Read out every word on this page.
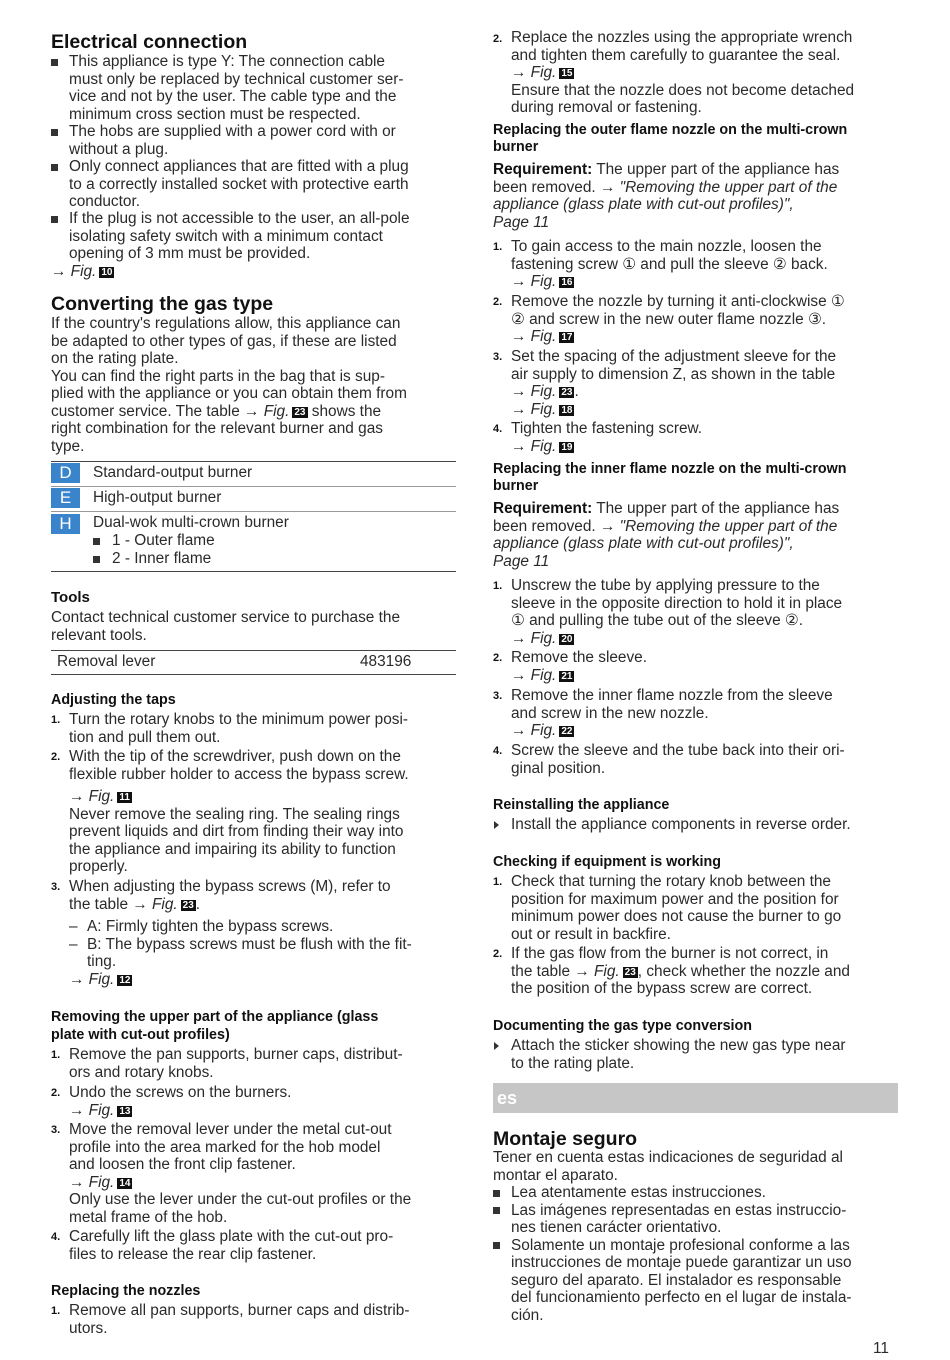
Electrical connection
This appliance is type Y: The connection cable
must only be replaced by technical customer ser-
vice and not by the user. The cable type and the
minimum cross section must be respected.
The hobs are supplied with a power cord with or
without a plug.
Only connect appliances that are fitted with a plug
to a correctly installed socket with protective earth
conductor.
If the plug is not accessible to the user, an all-pole
isolating safety switch with a minimum contact
opening of 3 mm must be provided.
→ Fig. 10
Converting the gas type
If the country's regulations allow, this appliance can
be adapted to other types of gas, if these are listed
on the rating plate.
You can find the right parts in the bag that is sup-
plied with the appliance or you can obtain them from
customer service. The table → Fig. 23 shows the
right combination for the relevant burner and gas
type.
D	Standard-output burner
E	High-output burner
H	Dual-wok multi-crown burner
1 - Outer flame
2 - Inner flame
Tools
Contact technical customer service to purchase the
relevant tools.
Removal lever	483196
Adjusting the taps
1. Turn the rotary knobs to the minimum power posi-
tion and pull them out.
2. With the tip of the screwdriver, push down on the
flexible rubber holder to access the bypass screw.
→ Fig. 11
Never remove the sealing ring. The sealing rings
prevent liquids and dirt from finding their way into
the appliance and impairing its ability to function
properly.
3. When adjusting the bypass screws (M), refer to
the table → Fig. 23 .
– A: Firmly tighten the bypass screws.
– B: The bypass screws must be flush with the fit-
ting.
→ Fig. 12
Removing the upper part of the appliance (glass
plate with cut-out profiles)
1. Remove the pan supports, burner caps, distribut-
ors and rotary knobs.
2. Undo the screws on the burners.
→ Fig. 13
3. Move the removal lever under the metal cut-out
profile into the area marked for the hob model
and loosen the front clip fastener.
→ Fig. 14
Only use the lever under the cut-out profiles or the
metal frame of the hob.
4. Carefully lift the glass plate with the cut-out pro-
files to release the rear clip fastener.
Replacing the nozzles
1. Remove all pan supports, burner caps and distrib-
utors.
2. Replace the nozzles using the appropriate wrench
and tighten them carefully to guarantee the seal.
→ Fig. 15
Ensure that the nozzle does not become detached
during removal or fastening.
Replacing the outer flame nozzle on the multi-crown
burner
Requirement: The upper part of the appliance has
been removed. → "Removing the upper part of the
appliance (glass plate with cut-out profiles)",
Page 11
1. To gain access to the main nozzle, loosen the
fastening screw ① and pull the sleeve ② back.
→ Fig. 16
2. Remove the nozzle by turning it anti-clockwise ①
② and screw in the new outer flame nozzle ③.
→ Fig. 17
3. Set the spacing of the adjustment sleeve for the
air supply to dimension Z, as shown in the table
→ Fig. 23 .
→ Fig. 18
4. Tighten the fastening screw.
→ Fig. 19
Replacing the inner flame nozzle on the multi-crown
burner
Requirement: The upper part of the appliance has
been removed. → "Removing the upper part of the
appliance (glass plate with cut-out profiles)",
Page 11
1. Unscrew the tube by applying pressure to the
sleeve in the opposite direction to hold it in place
① and pulling the tube out of the sleeve ②.
→ Fig. 20
2. Remove the sleeve.
→ Fig. 21
3. Remove the inner flame nozzle from the sleeve
and screw in the new nozzle.
→ Fig. 22
4. Screw the sleeve and the tube back into their ori-
ginal position.
Reinstalling the appliance
Install the appliance components in reverse order.
Checking if equipment is working
1. Check that turning the rotary knob between the
position for maximum power and the position for
minimum power does not cause the burner to go
out or result in backfire.
2. If the gas flow from the burner is not correct, in
the table → Fig. 23 , check whether the nozzle and
the position of the bypass screw are correct.
Documenting the gas type conversion
Attach the sticker showing the new gas type near
to the rating plate.
es
Montaje seguro
Tener en cuenta estas indicaciones de seguridad al
montar el aparato.
Lea atentamente estas instrucciones.
Las imágenes representadas en estas instruccio-
nes tienen carácter orientativo.
Solamente un montaje profesional conforme a las
instrucciones de montaje puede garantizar un uso
seguro del aparato. El instalador es responsable
del funcionamiento perfecto en el lugar de instala-
ción.
11
